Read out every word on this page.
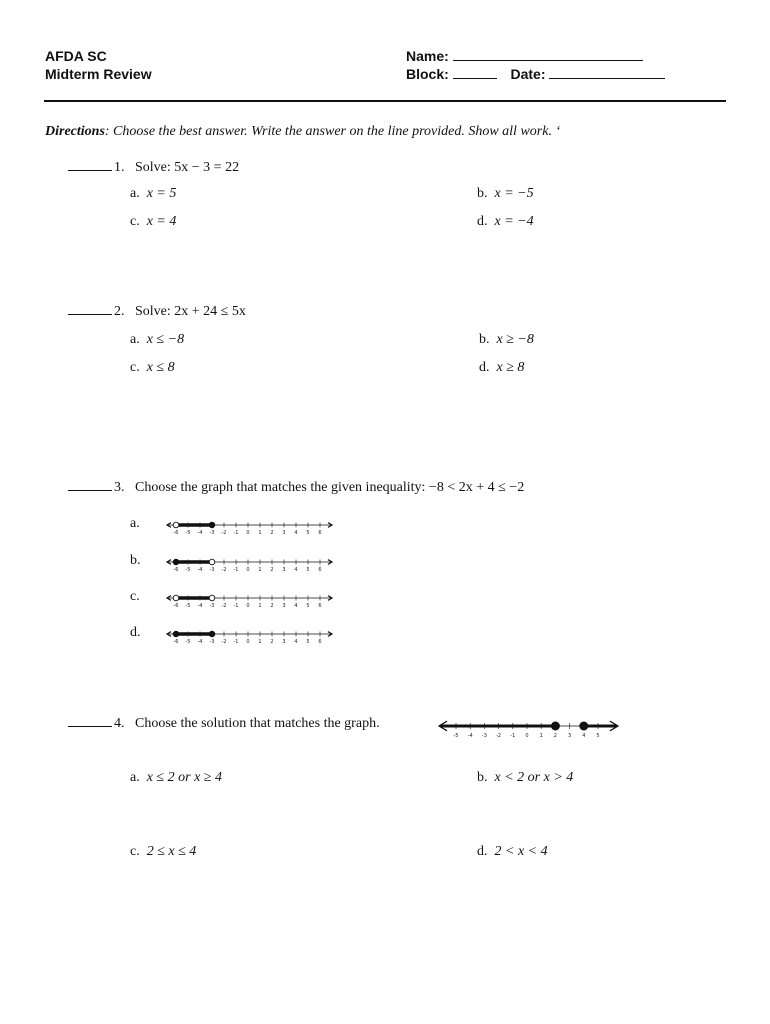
AFDA SC
Midterm Review
Name:
Block:	Date:
Directions: Choose the best answer. Write the answer on the line provided. Show all work. ‘
1. Solve: 5x − 3 = 22
a. x = 5	b. x = −5
c. x = 4	d. x = −4
2. Solve: 2x + 24 ≤ 5x
a. x ≤ −8	b. x ≥ −8
c. x ≤ 8	d. x ≥ 8
3. Choose the graph that matches the given inequality: −8 < 2x + 4 ≤ −2
a.
b.
c.
d.
-6 -5 -4 -3 -2 -1 0 1 2 3 4 5 6
-6 -5 -4 -3 -2 -1 0 1 2 3 4 5 6
-6 -5 -4 -3 -2 -1 0 1 2 3 4 5 6
-6 -5 -4 -3 -2 -1 0 1 2 3 4 5 6
4. Choose the solution that matches the graph.
-5 -4 -3 -2 -1 0 1 2 3 4 5
a. x ≤ 2 or x ≥ 4	b. x < 2 or x > 4
c. 2 ≤ x ≤ 4	d. 2 < x < 4
